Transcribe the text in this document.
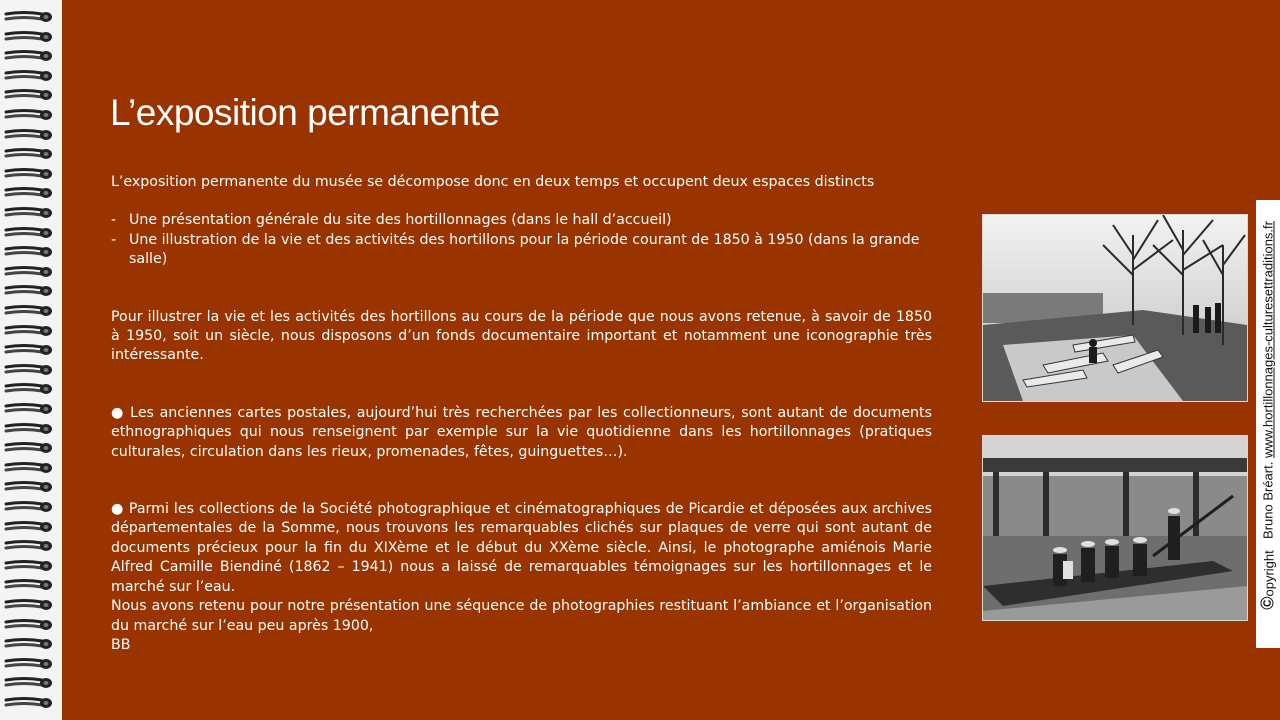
L’exposition permanente

L’exposition permanente du musée se décompose donc en deux temps et occupent deux espaces distincts

- Une présentation générale du site des hortillonnages (dans le hall d’accueil)
- Une illustration de la vie et des activités des hortillons pour la période courant de 1850 à 1950 (dans la grande salle)

Pour illustrer la vie et les activités des hortillons au cours de la période que nous avons retenue, à savoir de 1850 à 1950, soit un siècle, nous disposons d’un fonds documentaire important et notamment une iconographie très intéressante.

● Les anciennes cartes postales, aujourd’hui très recherchées par les collectionneurs, sont autant de documents ethnographiques qui nous renseignent par exemple sur la vie quotidienne dans les hortillonnages (pratiques culturales, circulation dans les rieux, promenades, fêtes, guinguettes…).

● Parmi les collections de la Société photographique et cinématographiques de Picardie et déposées aux archives départementales de la Somme, nous trouvons les remarquables clichés sur plaques de verre qui sont autant de documents précieux pour la fin du XIXème et le début du XXème siècle. Ainsi, le photographe amiénois Marie Alfred Camille Biendiné (1862 – 1941) nous a laissé de remarquables témoignages sur les hortillonnages et le marché sur l’eau.

Nous avons retenu pour notre présentation une séquence de photographies restituant l’ambiance et l’organisation du marché sur l’eau peu après 1900,

BB

Bruno Bréart. www.hortillonnages-culturesettraditions.fr
©opyright
